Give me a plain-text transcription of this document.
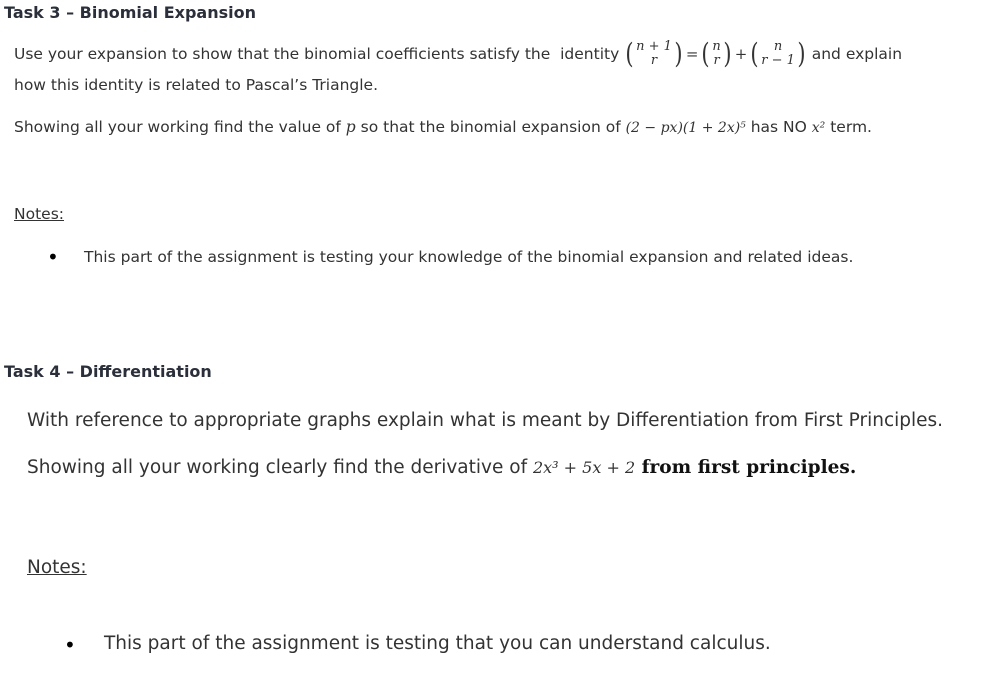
Task 3 – Binomial Expansion
Use your expansion to show that the binomial coefficients satisfy the  identity ( n + 1
r ) = ( n
r ) + ( n
r − 1 ) and explain
how this identity is related to Pascal’s Triangle.
Showing all your working find the value of p so that the binomial expansion of (2 − px)(1 + 2x)⁵ has NO x² term.
Notes:
• This part of the assignment is testing your knowledge of the binomial expansion and related ideas.
Task 4 – Differentiation
With reference to appropriate graphs explain what is meant by Differentiation from First Principles.
Showing all your working clearly find the derivative of 2x³ + 5x + 2 from first principles.
Notes:
• This part of the assignment is testing that you can understand calculus.
